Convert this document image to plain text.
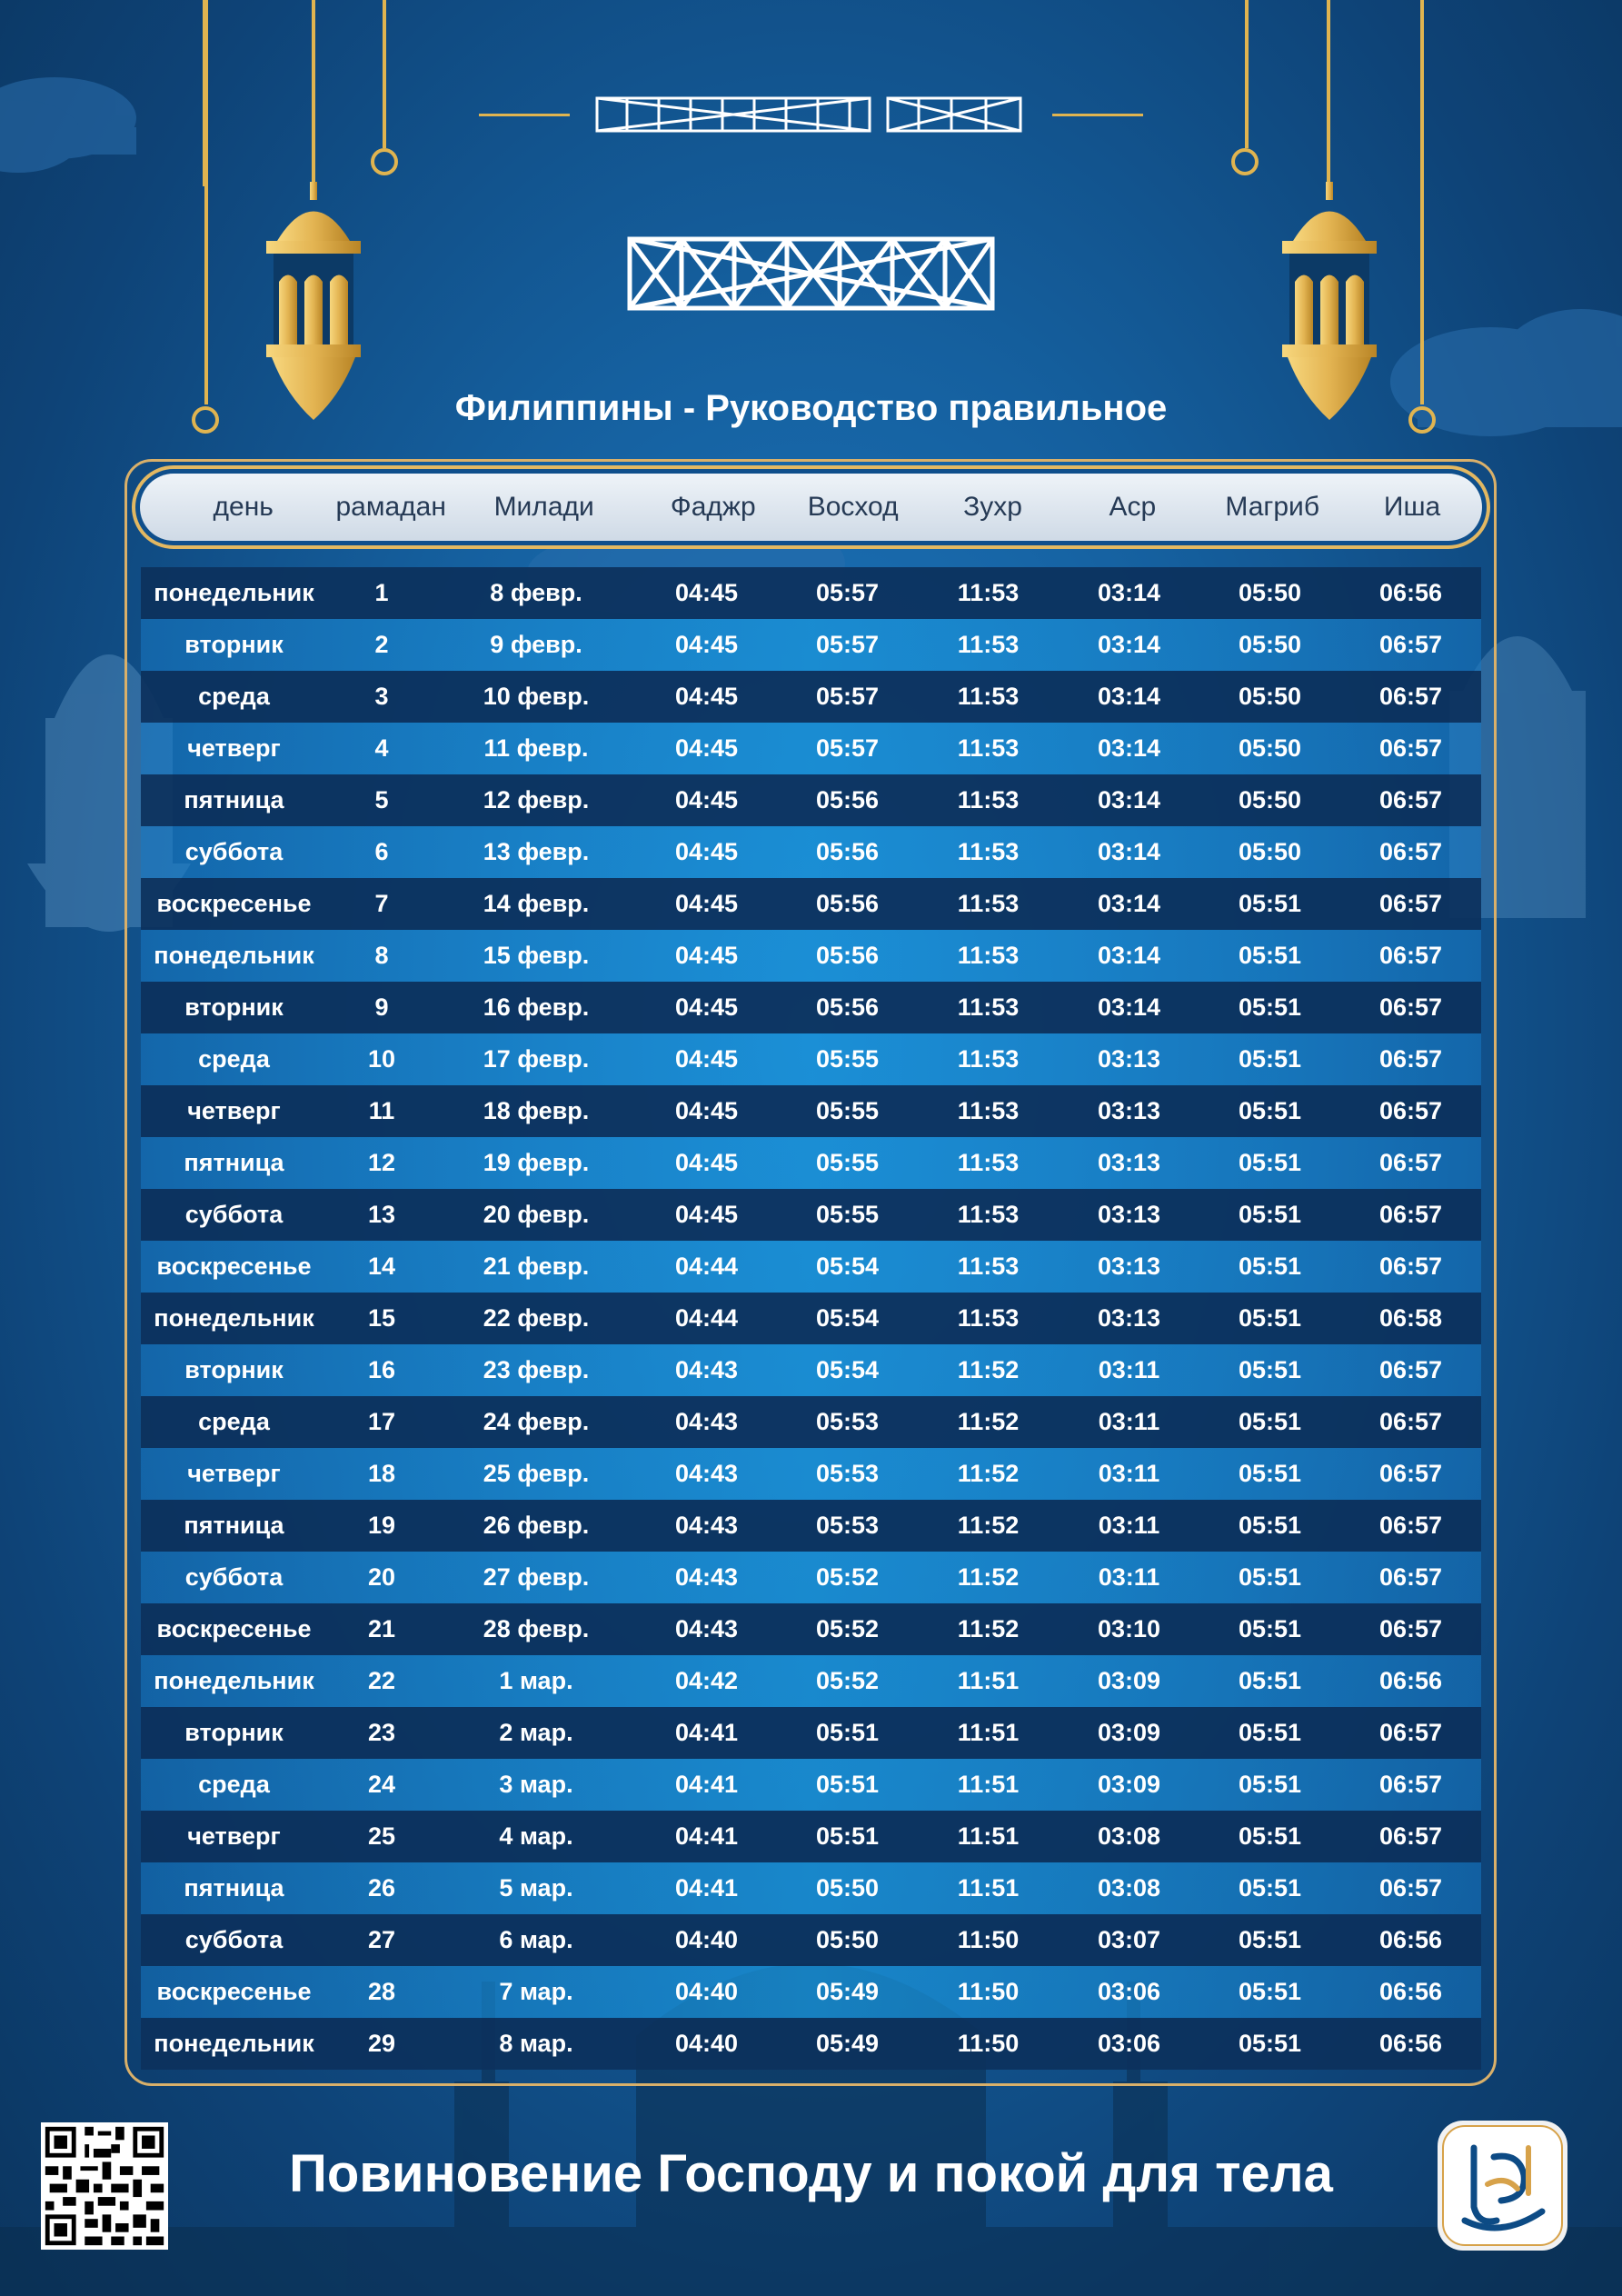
Филиппины - Руководство правильное
день	рамадан	Милади	Фаджр	Восход	Зухр	Аср	Магриб	Иша
понедельник	1	8 февр.	04:45	05:57	11:53	03:14	05:50	06:56
вторник	2	9 февр.	04:45	05:57	11:53	03:14	05:50	06:57
среда	3	10 февр.	04:45	05:57	11:53	03:14	05:50	06:57
четверг	4	11 февр.	04:45	05:57	11:53	03:14	05:50	06:57
пятница	5	12 февр.	04:45	05:56	11:53	03:14	05:50	06:57
суббота	6	13 февр.	04:45	05:56	11:53	03:14	05:50	06:57
воскресенье	7	14 февр.	04:45	05:56	11:53	03:14	05:51	06:57
понедельник	8	15 февр.	04:45	05:56	11:53	03:14	05:51	06:57
вторник	9	16 февр.	04:45	05:56	11:53	03:14	05:51	06:57
среда	10	17 февр.	04:45	05:55	11:53	03:13	05:51	06:57
четверг	11	18 февр.	04:45	05:55	11:53	03:13	05:51	06:57
пятница	12	19 февр.	04:45	05:55	11:53	03:13	05:51	06:57
суббота	13	20 февр.	04:45	05:55	11:53	03:13	05:51	06:57
воскресенье	14	21 февр.	04:44	05:54	11:53	03:13	05:51	06:57
понедельник	15	22 февр.	04:44	05:54	11:53	03:13	05:51	06:58
вторник	16	23 февр.	04:43	05:54	11:52	03:11	05:51	06:57
среда	17	24 февр.	04:43	05:53	11:52	03:11	05:51	06:57
четверг	18	25 февр.	04:43	05:53	11:52	03:11	05:51	06:57
пятница	19	26 февр.	04:43	05:53	11:52	03:11	05:51	06:57
суббота	20	27 февр.	04:43	05:52	11:52	03:11	05:51	06:57
воскресенье	21	28 февр.	04:43	05:52	11:52	03:10	05:51	06:57
понедельник	22	1 мар.	04:42	05:52	11:51	03:09	05:51	06:56
вторник	23	2 мар.	04:41	05:51	11:51	03:09	05:51	06:57
среда	24	3 мар.	04:41	05:51	11:51	03:09	05:51	06:57
четверг	25	4 мар.	04:41	05:51	11:51	03:08	05:51	06:57
пятница	26	5 мар.	04:41	05:50	11:51	03:08	05:51	06:57
суббота	27	6 мар.	04:40	05:50	11:50	03:07	05:51	06:56
воскресенье	28	7 мар.	04:40	05:49	11:50	03:06	05:51	06:56
понедельник	29	8 мар.	04:40	05:49	11:50	03:06	05:51	06:56
Повиновение Господу и покой для тела
